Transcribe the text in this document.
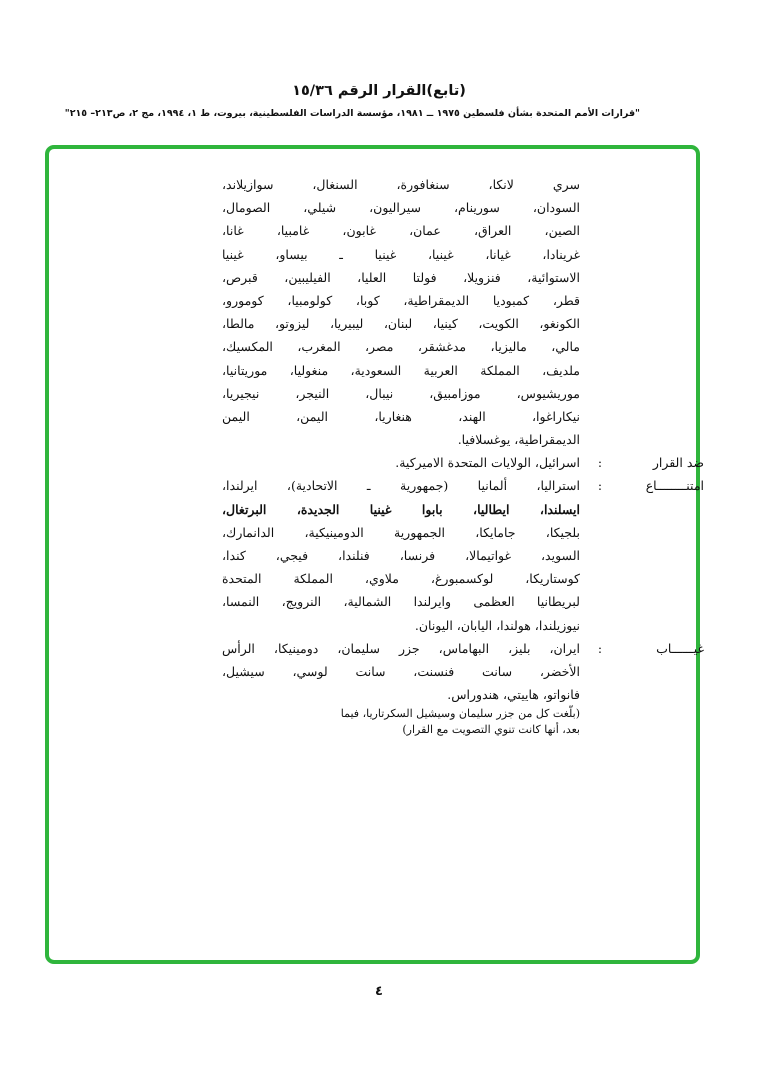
(تابع)القرار الرقم ١٥/٣٦
"قرارات الأمم المتحدة بشأن فلسطين ١٩٧٥ ــ ١٩٨١، مؤسسة الدراسات الفلسطينية، بيروت، ط ١، ١٩٩٤، مج ٢، ص٢١٣– ٢١٥"
سري لانكا، سنغافورة، السنغال، سوازيلاند،
السودان، سورينام، سيراليون، شيلي، الصومال،
الصين، العراق، عمان، غابون، غامبيا، غانا،
غرينادا، غيانا، غينيا، غينيا ـ بيساو، غينيا
الاستوائية، فنزويلا، فولتا العليا، الفيليبين، قبرص،
قطر، كمبوديا الديمقراطية، كوبا، كولومبيا، كومورو،
الكونغو، الكويت، كينيا، لبنان، ليبيريا، ليزوتو، مالطا،
مالي، ماليزيا، مدغشقر، مصر، المغرب، المكسيك،
ملديف، المملكة العربية السعودية، منغوليا، موريتانيا،
موريشيوس، موزامبيق، نيبال، النيجر، نيجيريا،
نيكاراغوا، الهند، هنغاريا، اليمن، اليمن
الديمقراطية، يوغسلافيا.
ضد القرار
:
اسرائيل، الولايات المتحدة الاميركية.
امتنــــــــاع
:
استراليا، ألمانيا (جمهورية ـ الاتحادية)، ايرلندا،
ايسلندا، ايطاليا، بابوا غينيا الجديدة، البرتغال،
بلجيكا، جامايكا، الجمهورية الدومينيكية، الدانمارك،
السويد، غواتيمالا، فرنسا، فنلندا، فيجي، كندا،
كوستاريكا، لوكسمبورغ، ملاوي، المملكة المتحدة
لبريطانيا العظمى وايرلندا الشمالية، النرويج، النمسا،
نيوزيلندا، هولندا، اليابان، اليونان.
غيــــــاب
:
ايران، بليز، البهاماس، جزر سليمان، دومينيكا، الرأس
الأخضر، سانت فنسنت، سانت لوسي، سيشيل،
فانواتو، هاييتي، هندوراس.
(بلّغت كل من جزر سليمان وسيشيل السكرتاريا، فيما
بعد، أنها كانت تنوي التصويت مع القرار)
٤
